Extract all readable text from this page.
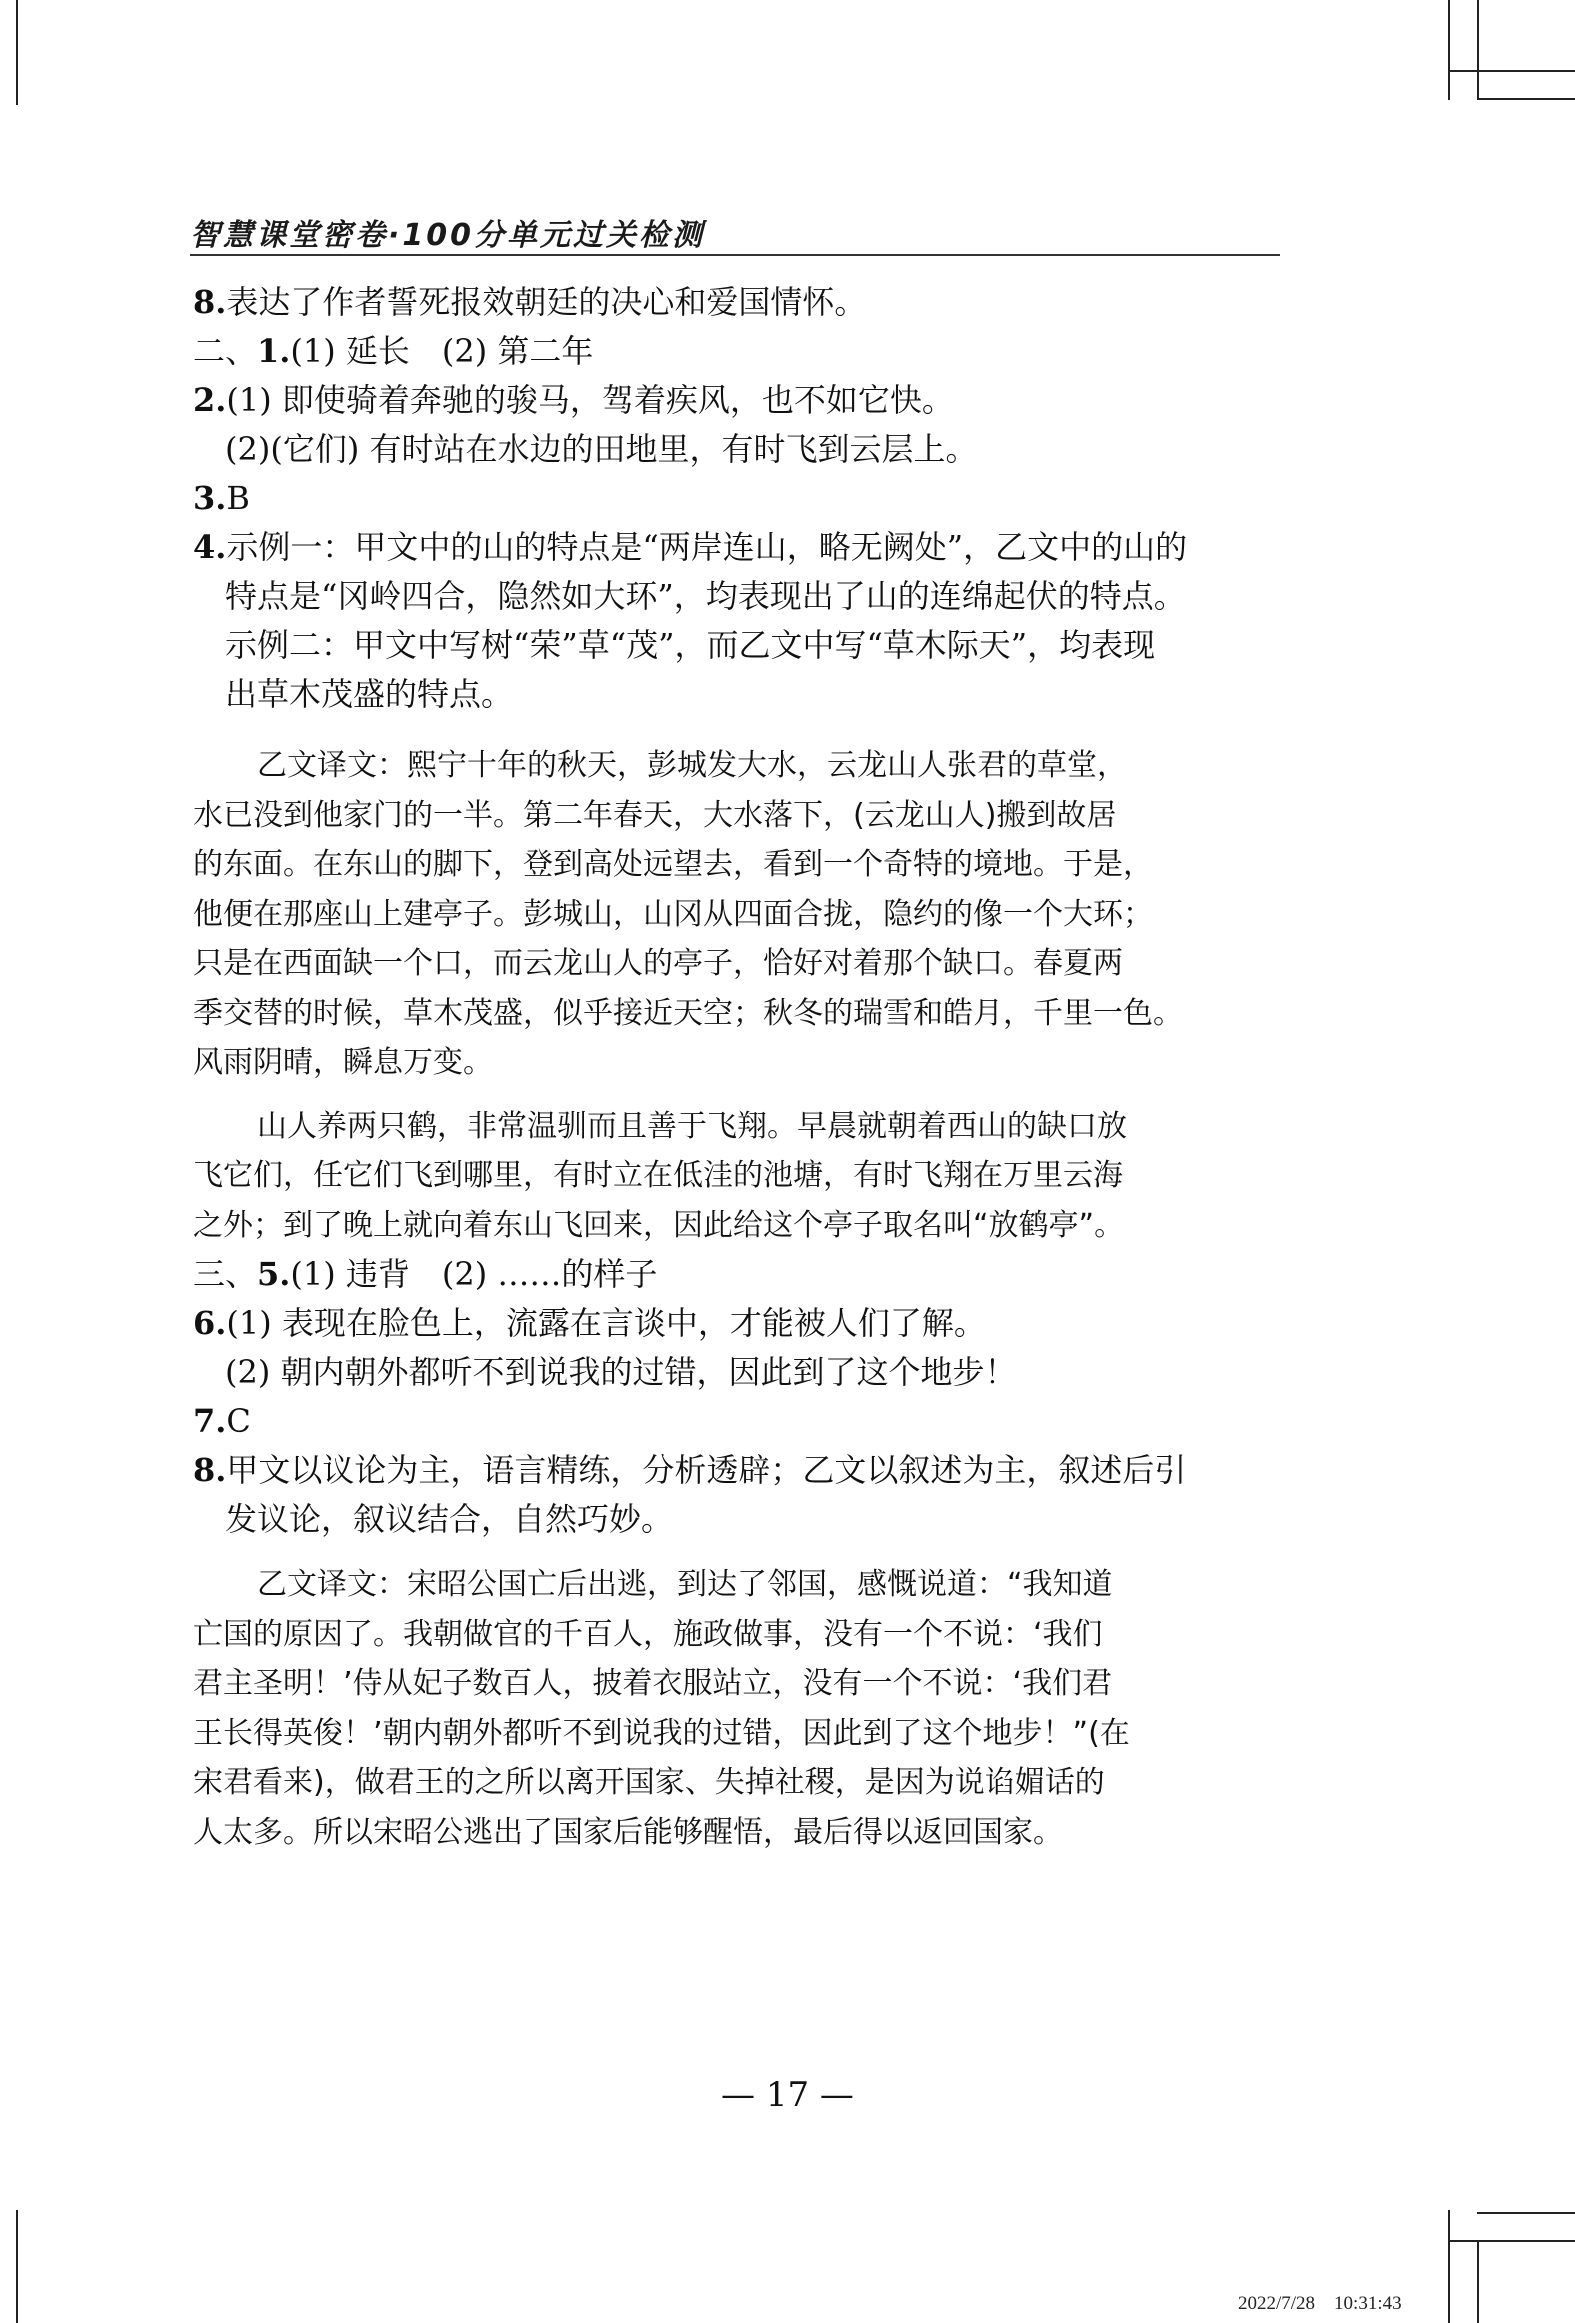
智慧课堂密卷·100分单元过关检测
8.表达了作者誓死报效朝廷的决心和爱国情怀。
二、1.(1) 延长　(2) 第二年
2.(1) 即使骑着奔驰的骏马，驾着疾风，也不如它快。
(2)(它们) 有时站在水边的田地里，有时飞到云层上。
3.B
4.示例一：甲文中的山的特点是“两岸连山，略无阙处”，乙文中的山的
特点是“冈岭四合，隐然如大环”，均表现出了山的连绵起伏的特点。
示例二：甲文中写树“荣”草“茂”，而乙文中写“草木际天”，均表现
出草木茂盛的特点。
乙文译文：熙宁十年的秋天，彭城发大水，云龙山人张君的草堂，
水已没到他家门的一半。第二年春天，大水落下，(云龙山人)搬到故居
的东面。在东山的脚下，登到高处远望去，看到一个奇特的境地。于是，
他便在那座山上建亭子。彭城山，山冈从四面合拢，隐约的像一个大环；
只是在西面缺一个口，而云龙山人的亭子，恰好对着那个缺口。春夏两
季交替的时候，草木茂盛，似乎接近天空；秋冬的瑞雪和皓月，千里一色。
风雨阴晴，瞬息万变。
山人养两只鹤，非常温驯而且善于飞翔。早晨就朝着西山的缺口放
飞它们，任它们飞到哪里，有时立在低洼的池塘，有时飞翔在万里云海
之外；到了晚上就向着东山飞回来，因此给这个亭子取名叫“放鹤亭”。
三、5.(1) 违背　(2) ……的样子
6.(1) 表现在脸色上，流露在言谈中，才能被人们了解。
(2) 朝内朝外都听不到说我的过错，因此到了这个地步！
7.C
8.甲文以议论为主，语言精练，分析透辟；乙文以叙述为主，叙述后引
发议论，叙议结合，自然巧妙。
乙文译文：宋昭公国亡后出逃，到达了邻国，感慨说道：“我知道
亡国的原因了。我朝做官的千百人，施政做事，没有一个不说：‘我们
君主圣明！’侍从妃子数百人，披着衣服站立，没有一个不说：‘我们君
王长得英俊！’朝内朝外都听不到说我的过错，因此到了这个地步！”(在
宋君看来)，做君王的之所以离开国家、失掉社稷，是因为说谄媚话的
人太多。所以宋昭公逃出了国家后能够醒悟，最后得以返回国家。
— 17 —
2022/7/28　10:31:43
